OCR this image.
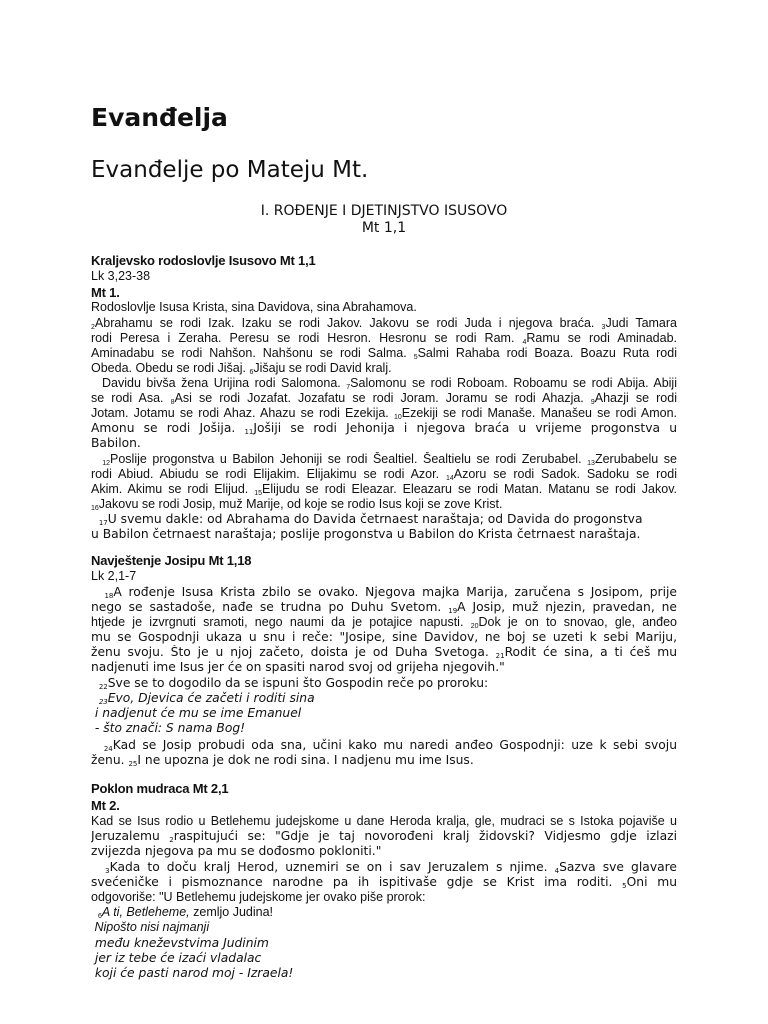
Evanđelja
Evanđelje po Mateju Mt.
I. ROĐENJE I DJETINJSTVO ISUSOVO
Mt 1,1
Kraljevsko rodoslovlje Isusovo Mt 1,1
Lk 3,23-38
Mt 1.
Rodoslovlje Isusa Krista, sina Davidova, sina Abrahamova.
$_2$Abrahamu se rodi Izak. Izaku se rodi Jakov. Jakovu se rodi Juda i njegova braća. $_3$Judi Tamara
rodi Peresa i Zeraha. Peresu se rodi Hesron. Hesronu se rodi Ram. $_4$Ramu se rodi Aminadab.
Aminadabu se rodi Nahšon. Nahšonu se rodi Salma. $_5$Salmi Rahaba rodi Boaza. Boazu Ruta rodi
Obeda. Obedu se rodi Jišaj. $_6$Jišaju se rodi David kralj.
Davidu bivša žena Urijina rodi Salomona. $_7$Salomonu se rodi Roboam. Roboamu se rodi Abija. Abiji
se rodi Asa. $_8$Asi se rodi Jozafat. Jozafatu se rodi Joram. Joramu se rodi Ahazja. $_9$Ahazji se rodi
Jotam. Jotamu se rodi Ahaz. Ahazu se rodi Ezekija. $_{10}$Ezekiji se rodi Manaše. Manašeu se rodi Amon.
Amonu se rodi Jošija. $_{11}$Jošiji se rodi Jehonija i njegova braća u vrijeme progonstva u
Babilon.
$_{12}$Poslije progonstva u Babilon Jehoniji se rodi Šealtiel. Šealtielu se rodi Zerubabel. $_{13}$Zerubabelu se
rodi Abiud. Abiudu se rodi Elijakim. Elijakimu se rodi Azor. $_{14}$Azoru se rodi Sadok. Sadoku se rodi
Akim. Akimu se rodi Elijud. $_{15}$Elijudu se rodi Eleazar. Eleazaru se rodi Matan. Matanu se rodi Jakov.
$_{16}$Jakovu se rodi Josip, muž Marije, od koje se rodio Isus koji se zove Krist.
$_{17}$U svemu dakle: od Abrahama do Davida četrnaest naraštaja; od Davida do progonstva
u Babilon četrnaest naraštaja; poslije progonstva u Babilon do Krista četrnaest naraštaja.
Navještenje Josipu Mt 1,18
Lk 2,1-7
$_{18}$A rođenje Isusa Krista zbilo se ovako. Njegova majka Marija, zaručena s Josipom, prije
nego se sastadoše, nađe se trudna po Duhu Svetom. $_{19}$A Josip, muž njezin, pravedan, ne
htjede je izvrgnuti sramoti, nego naumi da je potajice napusti. $_{20}$Dok je on to snovao, gle, anđeo
mu se Gospodnji ukaza u snu i reče: "Josipe, sine Davidov, ne boj se uzeti k sebi Mariju,
ženu svoju. Što je u njoj začeto, doista je od Duha Svetoga. $_{21}$Rodit će sina, a ti ćeš mu
nadjenuti ime Isus jer će on spasiti narod svoj od grijeha njegovih."
$_{22}$Sve se to dogodilo da se ispuni što Gospodin reče po proroku:
$_{23}$Evo, Djevica će začeti i roditi sina
i nadjenut će mu se ime Emanuel
- što znači: S nama Bog!
$_{24}$Kad se Josip probudi oda sna, učini kako mu naredi anđeo Gospodnji: uze k sebi svoju
ženu. $_{25}$I ne upozna je dok ne rodi sina. I nadjenu mu ime Isus.
Poklon mudraca Mt 2,1
Mt 2.
Kad se Isus rodio u Betlehemu judejskome u dane Heroda kralja, gle, mudraci se s Istoka pojaviše u
Jeruzalemu $_2$raspitujući se: "Gdje je taj novorođeni kralj židovski? Vidjesmo gdje izlazi
zvijezda njegova pa mu se dođosmo pokloniti."
$_3$Kada to doču kralj Herod, uznemiri se on i sav Jeruzalem s njime. $_4$Sazva sve glavare
svećeničke i pismoznance narodne pa ih ispitivaše gdje se Krist ima roditi. $_5$Oni mu
odgovoriše: "U Betlehemu judejskome jer ovako piše prorok:
$_6$A ti, Betleheme, zemljo Judina!
Nipošto nisi najmanji
među kneževstvima Judinim
jer iz tebe će izaći vladalac
koji će pasti narod moj - Izraela!
